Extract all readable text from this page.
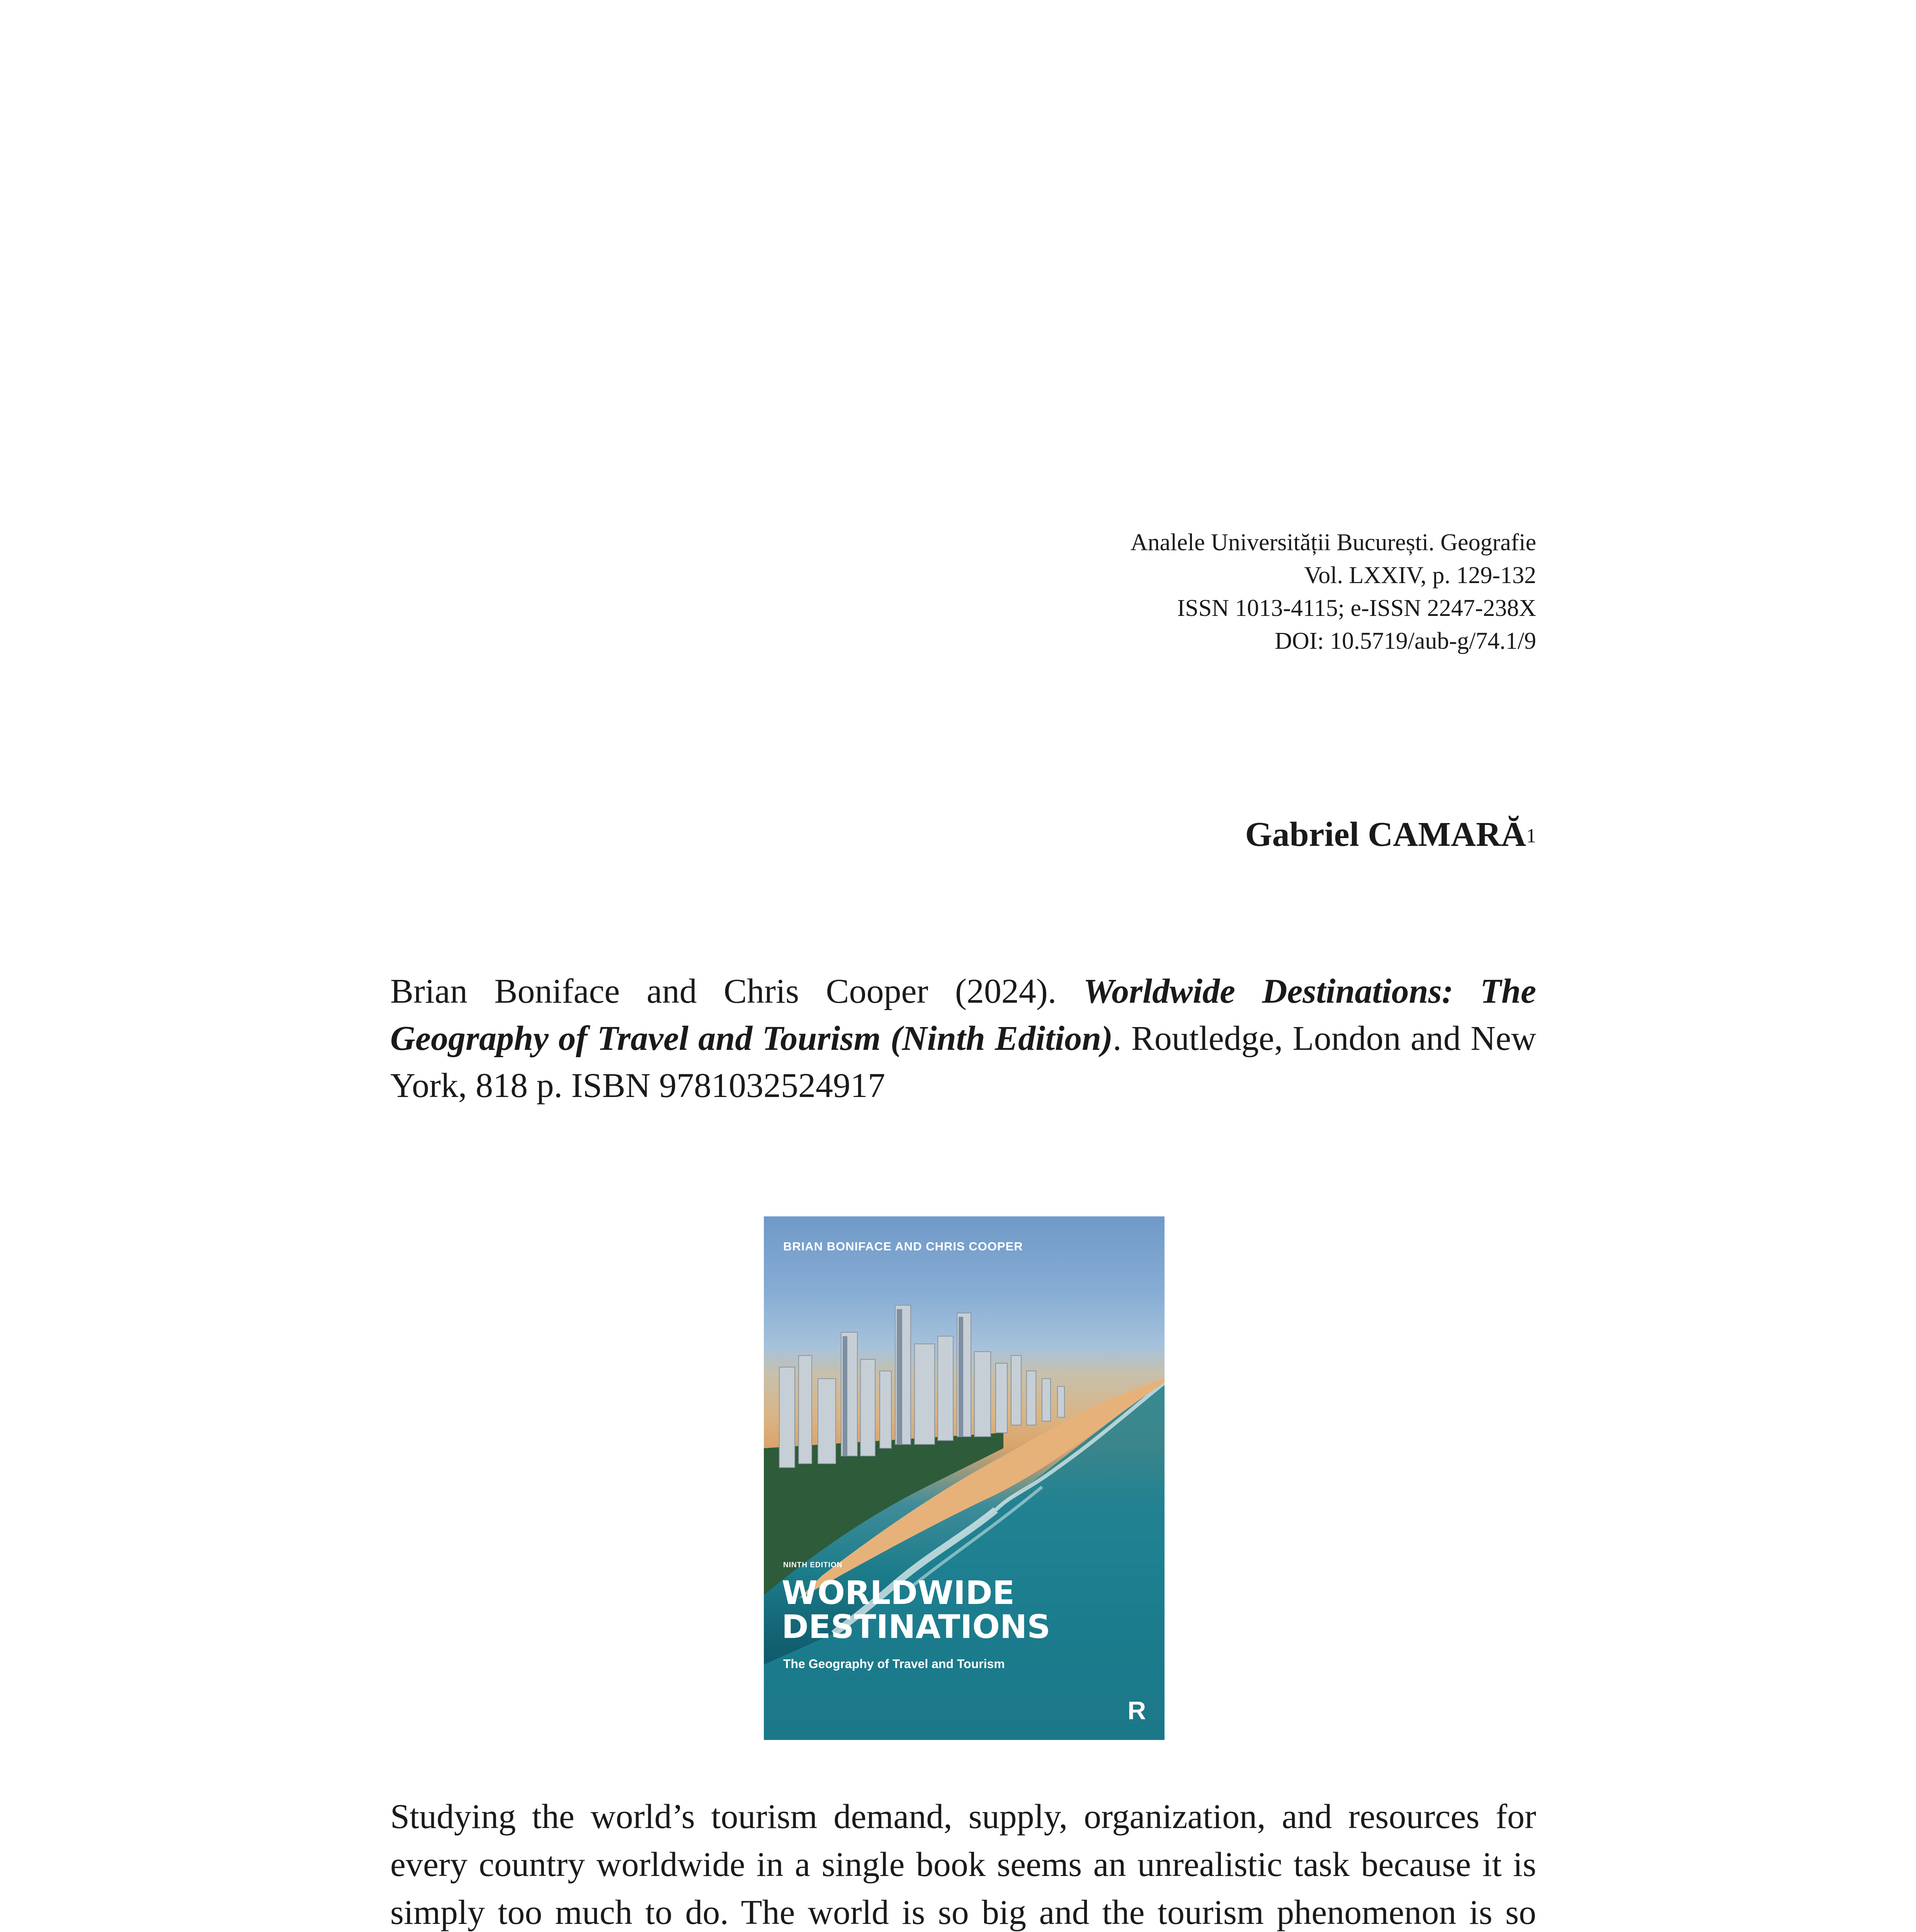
Analele Universității București. Geografie
Vol. LXXIV, p. 129-132
ISSN 1013-4115; e-ISSN 2247-238X
DOI: 10.5719/aub-g/74.1/9
Gabriel CAMARĂ$^1$
Brian Boniface and Chris Cooper (2024). Worldwide Destinations: The Geography of Travel and Tourism (Ninth Edition). Routledge, London and New York, 818 p. ISBN 9781032524917
BRIAN BONIFACE AND CHRIS COOPER
NINTH EDITION
WORLDWIDE
DESTINATIONS
The Geography of Travel and Tourism
R
Studying the world’s tourism demand, supply, organization, and resources for every country worldwide in a single book seems an unrealistic task because it is simply too much to do. The world is so big and the tourism phenomenon is so
